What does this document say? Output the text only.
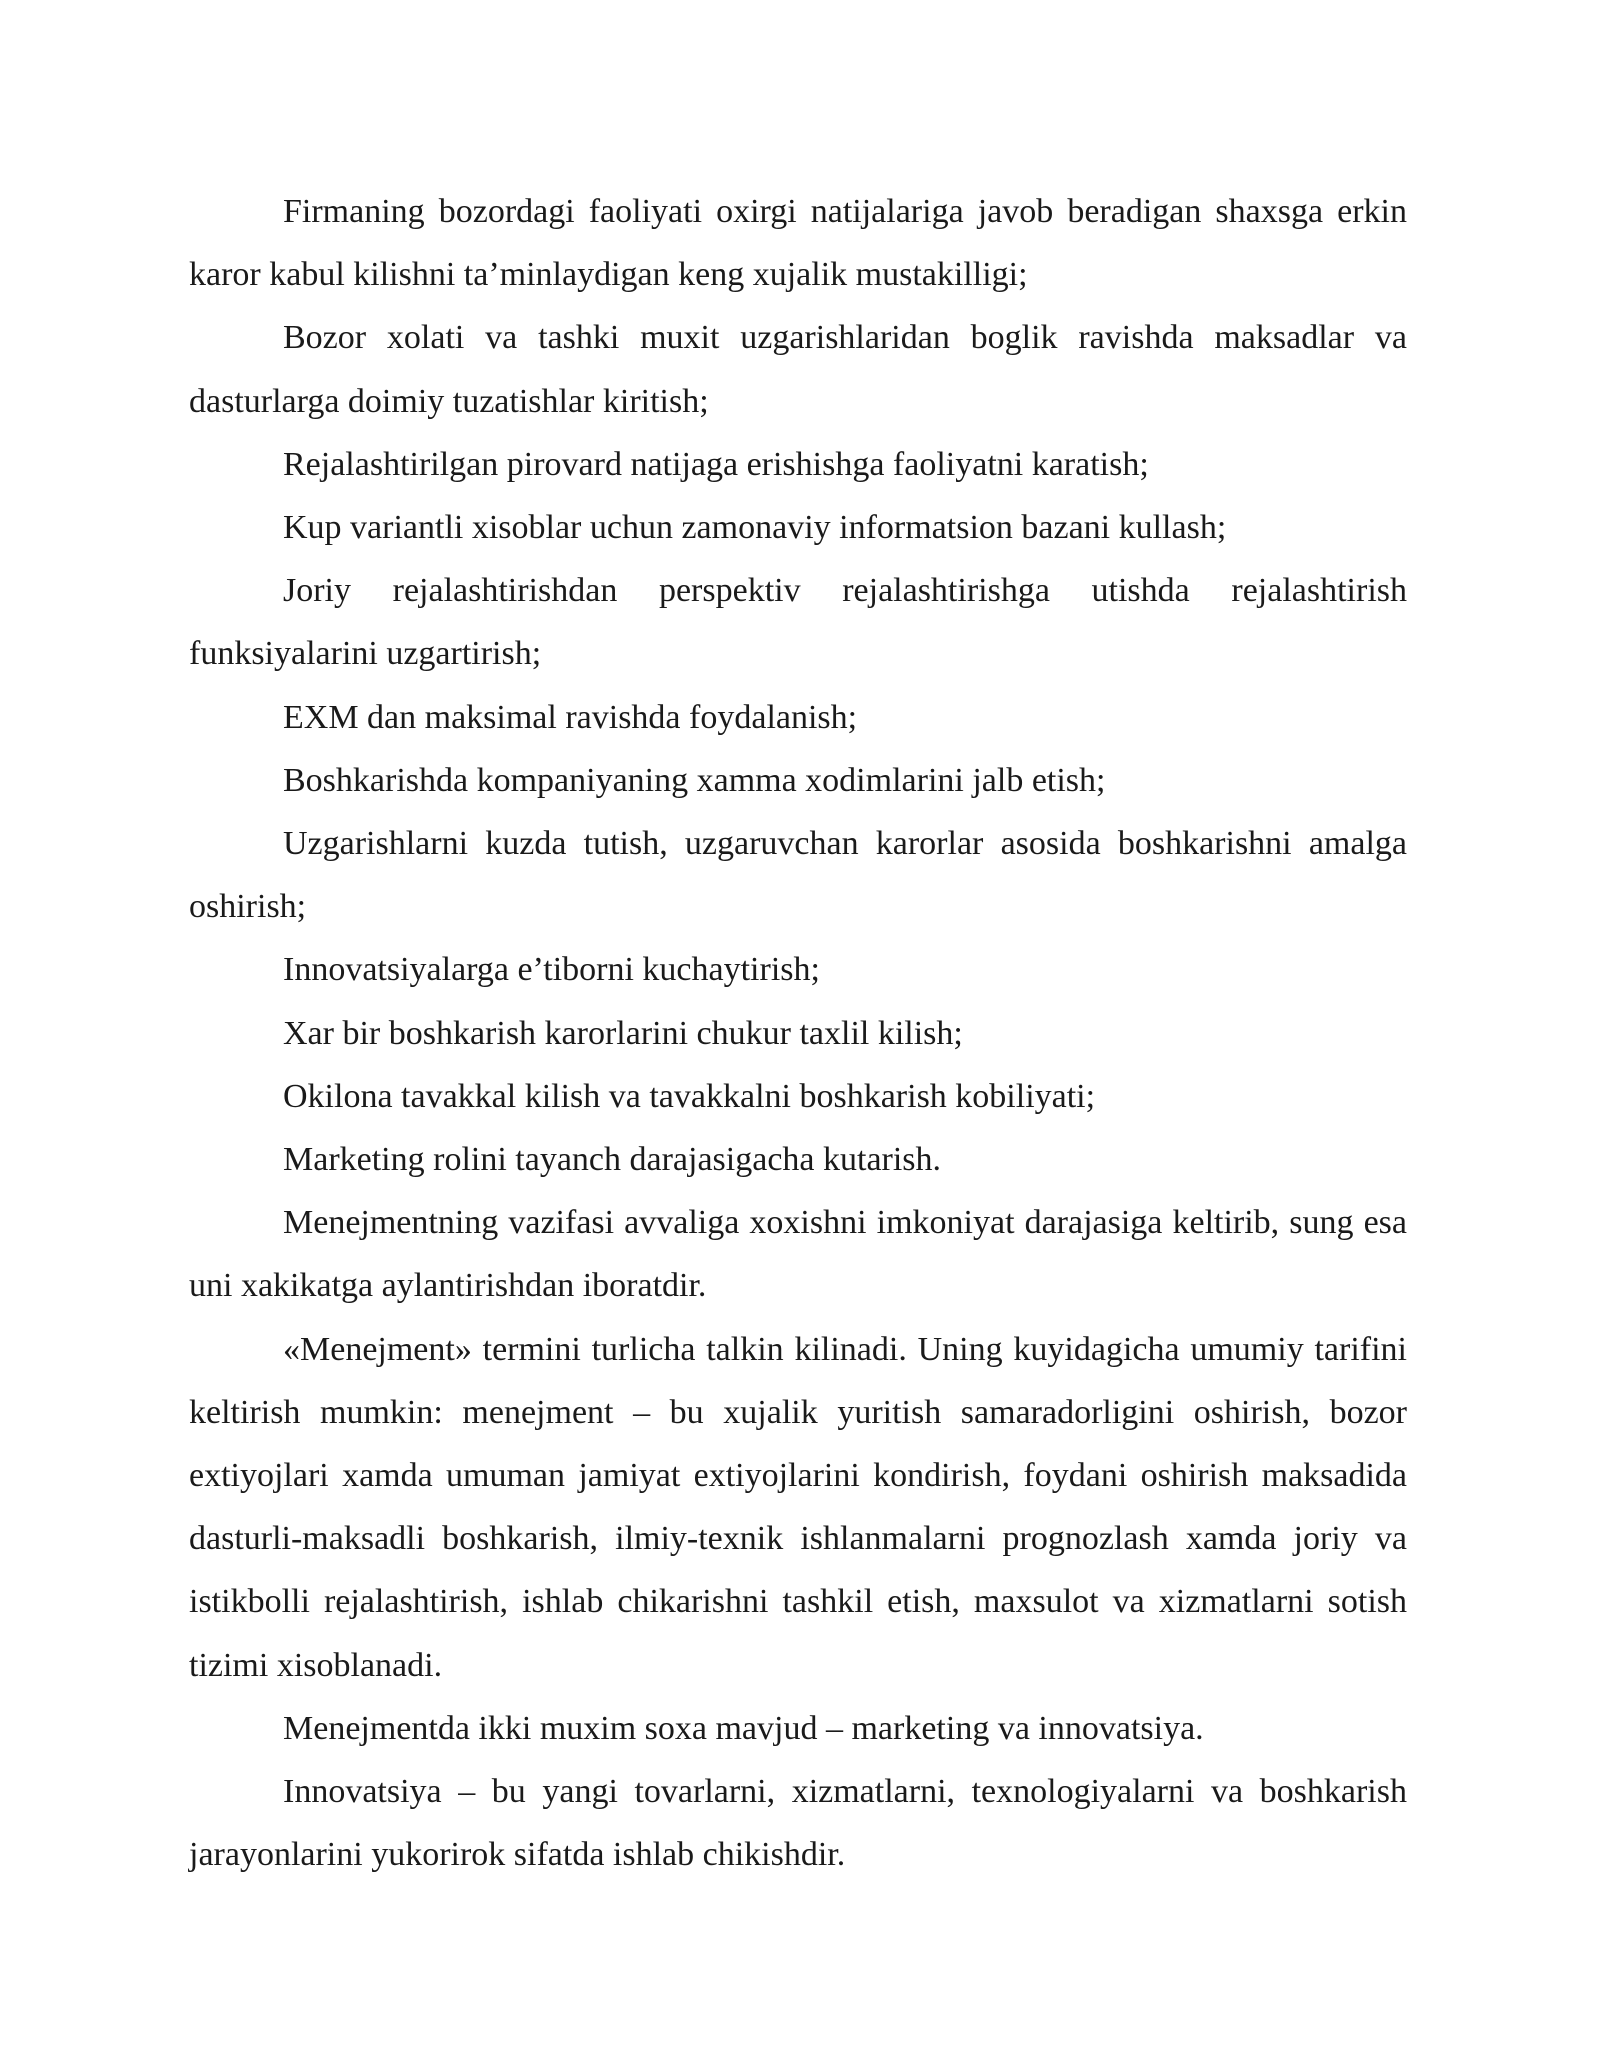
Firmaning bozordagi faoliyati oxirgi natijalariga javob beradigan shaxsga erkin karor kabul kilishni ta’minlaydigan keng xujalik mustakilligi;

Bozor xolati va tashki muxit uzgarishlaridan boglik ravishda maksadlar va dasturlarga doimiy tuzatishlar kiritish;

Rejalashtirilgan pirovard natijaga erishishga faoliyatni karatish;

Kup variantli xisoblar uchun zamonaviy informatsion bazani kullash;

Joriy rejalashtirishdan perspektiv rejalashtirishga utishda rejalashtirish funksiyalarini uzgartirish;

EXM dan maksimal ravishda foydalanish;

Boshkarishda kompaniyaning xamma xodimlarini jalb etish;

Uzgarishlarni kuzda tutish, uzgaruvchan karorlar asosida boshkarishni amalga oshirish;

Innovatsiyalarga e’tiborni kuchaytirish;

Xar bir boshkarish karorlarini chukur taxlil kilish;

Okilona tavakkal kilish va tavakkalni boshkarish kobiliyati;

Marketing rolini tayanch darajasigacha kutarish.

Menejmentning vazifasi avvaliga xoxishni imkoniyat darajasiga keltirib, sung esa uni xakikatga aylantirishdan iboratdir.

«Menejment» termini turlicha talkin kilinadi. Uning kuyidagicha umumiy tarifini keltirish mumkin: menejment – bu xujalik yuritish samaradorligini oshirish, bozor extiyojlari xamda umuman jamiyat extiyojlarini kondirish, foydani oshirish maksadida dasturli-maksadli boshkarish, ilmiy-texnik ishlanmalarni prognozlash xamda joriy va istikbolli rejalashtirish, ishlab chikarishni tashkil etish, maxsulot va xizmatlarni sotish tizimi xisoblanadi.

Menejmentda ikki muxim soxa mavjud – marketing va innovatsiya.

Innovatsiya – bu yangi tovarlarni, xizmatlarni, texnologiyalarni va boshkarish jarayonlarini yukorirok sifatda ishlab chikishdir.
